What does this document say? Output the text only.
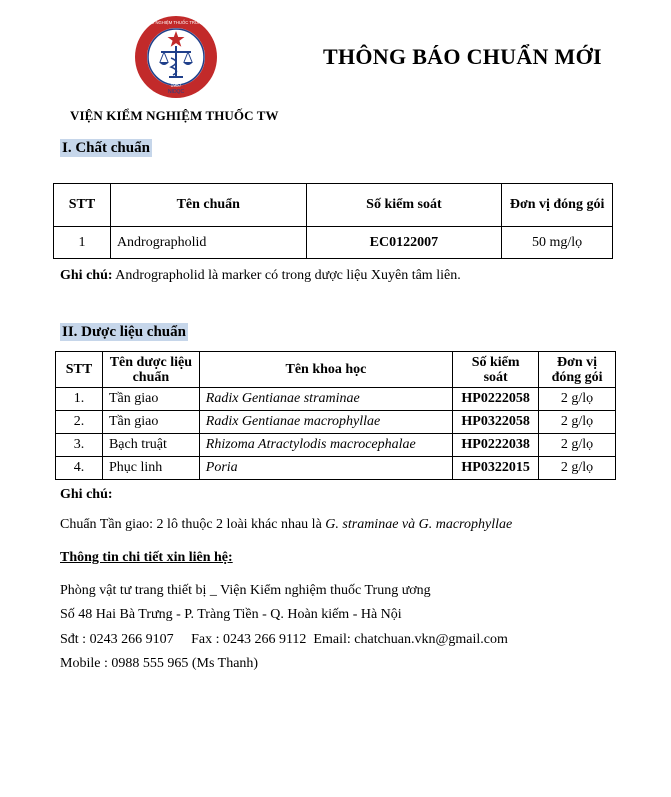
1957
NIDQC
VIỆN KIỂM NGHIỆM THUỐC TRUNG ƯƠNG
VIỆN KIỂM NGHIỆM THUỐC TW
THÔNG BÁO CHUẨN MỚI
I. Chất chuẩn
STT	Tên chuẩn	Số kiểm soát	Đơn vị đóng gói
1	Andrographolid	EC0122007	50 mg/lọ
Ghi chú: Andrographolid là marker có trong dược liệu Xuyên tâm liên.
II. Dược liệu chuẩn
STT	Tên dược liệu chuẩn	Tên khoa học	Số kiểm soát	Đơn vị đóng gói
1.	Tần giao	Radix Gentianae straminae	HP0222058	2 g/lọ
2.	Tần giao	Radix Gentianae macrophyllae	HP0322058	2 g/lọ
3.	Bạch truật	Rhizoma Atractylodis macrocephalae	HP0222038	2 g/lọ
4.	Phục linh	Poria	HP0322015	2 g/lọ
Ghi chú:
Chuẩn Tần giao: 2 lô thuộc 2 loài khác nhau là G. straminae và G. macrophyllae
Thông tin chi tiết xin liên hệ:
Phòng vật tư trang thiết bị _ Viện Kiểm nghiệm thuốc Trung ương
Số 48 Hai Bà Trưng - P. Tràng Tiền - Q. Hoàn kiếm - Hà Nội
Sđt : 0243 266 9107     Fax : 0243 266 9112  Email: chatchuan.vkn@gmail.com
Mobile : 0988 555 965 (Ms Thanh)
